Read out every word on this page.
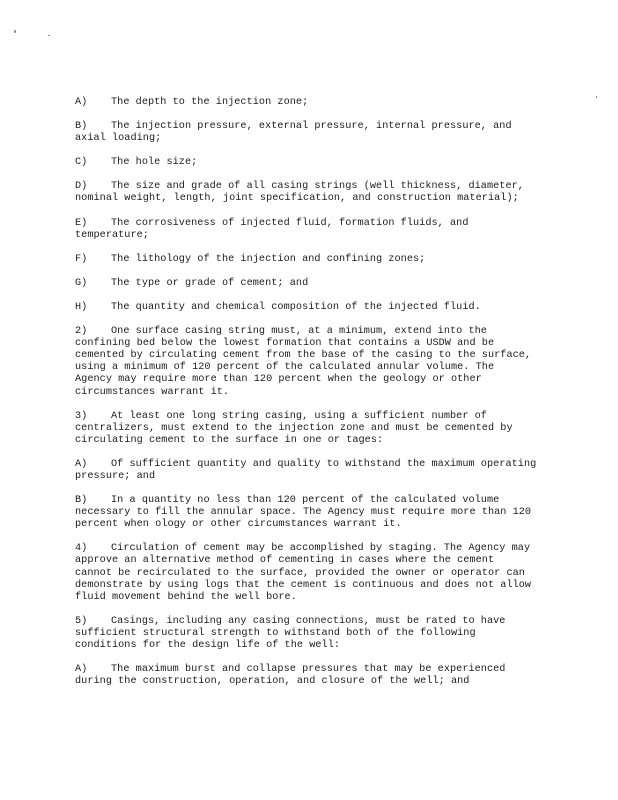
A) The depth to the injection zone;

B) The injection pressure, external pressure, internal pressure, and axial loading;

C) The hole size;

D) The size and grade of all casing strings (well thickness, diameter, nominal weight, length, joint specification, and construction material);

E) The corrosiveness of injected fluid, formation fluids, and temperature;

F) The lithology of the injection and confining zones;

G) The type or grade of cement; and

H) The quantity and chemical composition of the injected fluid.

2) One surface casing string must, at a minimum, extend into the confining bed below the lowest formation that contains a USDW and be cemented by circulating cement from the base of the casing to the surface, using a minimum of 120 percent of the calculated annular volume. The Agency may require more than 120 percent when the geology or other circumstances warrant it.

3) At least one long string casing, using a sufficient number of centralizers, must extend to the injection zone and must be cemented by circulating cement to the surface in one or tages:

A) Of sufficient quantity and quality to withstand the maximum operating pressure; and

B) In a quantity no less than 120 percent of the calculated volume necessary to fill the annular space. The Agency must require more than 120 percent when ology or other circumstances warrant it.

4) Circulation of cement may be accomplished by staging. The Agency may approve an alternative method of cementing in cases where the cement cannot be recirculated to the surface, provided the owner or operator can demonstrate by using logs that the cement is continuous and does not allow fluid movement behind the well bore.

5) Casings, including any casing connections, must be rated to have sufficient structural strength to withstand both of the following conditions for the design life of the well:

A) The maximum burst and collapse pressures that may be experienced during the construction, operation, and closure of the well; and
